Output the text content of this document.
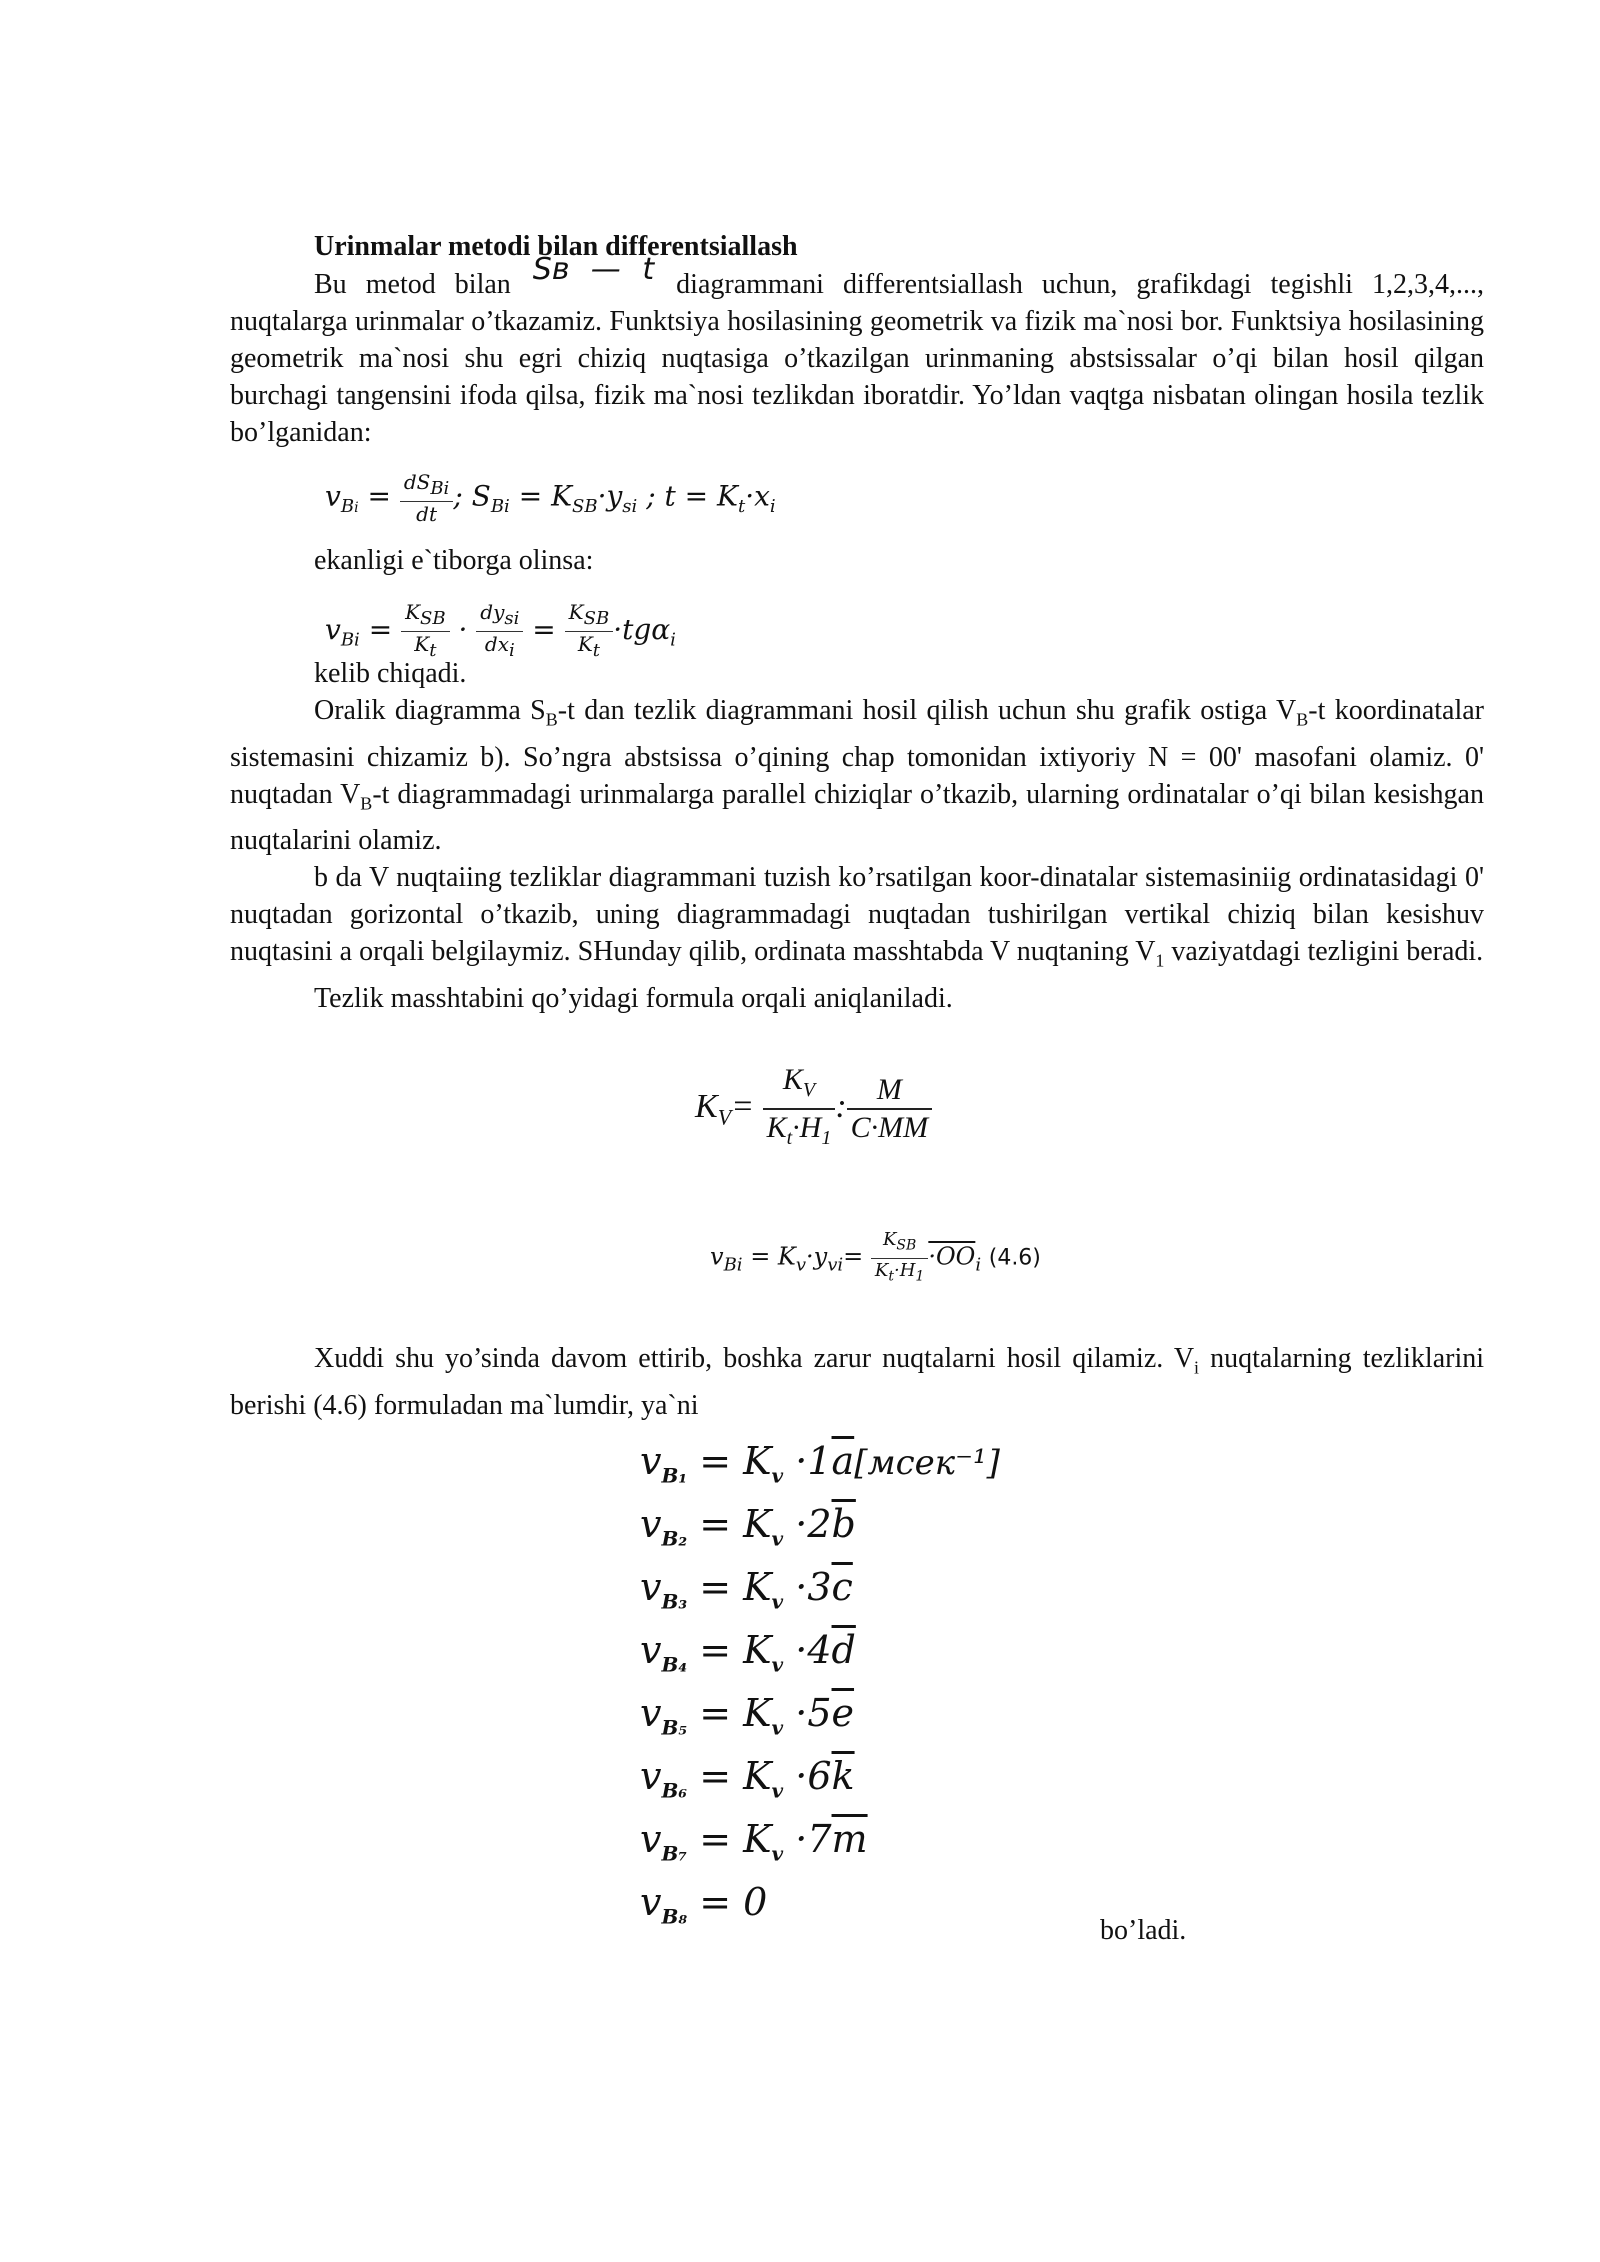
Urinmalar metodi bilan differentsiallash

Bu metod bilan Sʙ — t diagrammani differentsiallash uchun, grafikdagi tegishli 1,2,3,4,..., nuqtalarga urinmalar o’tkazamiz. Funktsiya hosilasining geometrik va fizik ma`nosi bor. Funktsiya hosilasining geometrik ma`nosi shu egri chiziq nuqtasiga o’tkazilgan urinmaning abstsissalar o’qi bilan hosil qilgan burchagi tangensini ifoda qilsa, fizik ma`nosi tezlikdan iboratdir. Yo’ldan vaqtga nisbatan olingan hosila tezlik bo’lganidan:

$v_{Bi} = \frac{dS_{Bi}}{dt}$ ; $S_{Bi} = K_{SB}\cdot y_{si}$ ; $t = K_t\cdot x_i$
ekanligi e`tiborga olinsa:
$v_{Bi} = \frac{K_{SB}}{K_t} \cdot \frac{dy_{si}}{dx_i} = \frac{K_{SB}}{K_t} \cdot tg\alpha_i$

kelib chiqadi.

Oralik diagramma $S_B-t$ dan tezlik diagrammani hosil qilish uchun shu grafik ostiga $V_B-t$ koordinatalar sistemasini chizamiz b). So’ngra abstsissa o’qining chap tomonidan ixtiyoriy N = 00' masofani olamiz. 0' nuqtadan $V_B-t$ diagrammadagi urinmalarga parallel chiziqlar o’tkazib, ularning ordinatalar o’qi bilan kesishgan nuqtalarini olamiz.

b da V nuqtaiing tezliklar diagrammani tuzish ko’rsatilgan koor-dinatalar sistemasiniig ordinatasidagi 0' nuqtadan gorizontal o’tkazib, uning diagrammadagi nuqtadan tushirilgan vertikal chiziq bilan kesishuv nuqtasini a orqali belgilaymiz. SHunday qilib, ordinata masshtabda V nuqtaning $V_1$ vaziyatdagi tezligini beradi.

Tezlik masshtabini qo’yidagi formula orqali aniqlaniladi.

$K_V= \frac{K_V}{K_t\cdot H_1}$ : $\frac{M}{C\cdot MM}$
$v_{Bi} = K_v\cdot y_{vi}= \frac{K_{SB}}{K_t\cdot H_1} \cdot OO_i$ (4.6)

Xuddi shu yo’sinda davom ettirib, boshka zarur nuqtalarni hosil qilamiz. $V_i$ nuqtalarning tezliklarini berishi (4.6) formuladan ma`lumdir, ya`ni

$v_{B_1} = K_v$ $\cdot 1\overline{a}[мсек^{-1}]$
$v_{B_2} = K_v \cdot 2\overline{b}$
$v_{B_3} = K_v \cdot 3\overline{c}$
$v_{B_4} = K_v \cdot 4\overline{d}$
$v_{B_5} = K_v \cdot 5\overline{e}$
$v_{B_6} = K_v \cdot 6\overline{k}$
$v_{B_7} = K_v \cdot 7\overline{m}$
$v_{B_8} = 0$
bo’ladi.
